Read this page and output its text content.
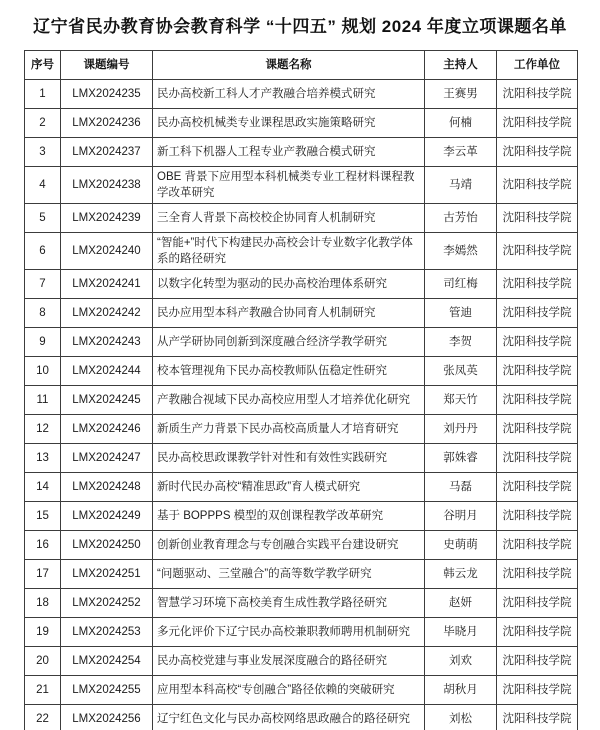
辽宁省民办教育协会教育科学 “十四五” 规划 2024 年度立项课题名单
序号	课题编号	课题名称	主持人	工作单位
1	LMX2024235	民办高校新工科人才产教融合培养模式研究	王赛男	沈阳科技学院
2	LMX2024236	民办高校机械类专业课程思政实施策略研究	何楠	沈阳科技学院
3	LMX2024237	新工科下机器人工程专业产教融合模式研究	李云革	沈阳科技学院
4	LMX2024238	OBE 背景下应用型本科机械类专业工程材料课程教学改革研究	马靖	沈阳科技学院
5	LMX2024239	三全育人背景下高校校企协同育人机制研究	古芳怡	沈阳科技学院
6	LMX2024240	“智能+”时代下构建民办高校会计专业数字化教学体系的路径研究	李嫣然	沈阳科技学院
7	LMX2024241	以数字化转型为驱动的民办高校治理体系研究	司红梅	沈阳科技学院
8	LMX2024242	民办应用型本科产教融合协同育人机制研究	管迪	沈阳科技学院
9	LMX2024243	从产学研协同创新到深度融合经济学教学研究	李贺	沈阳科技学院
10	LMX2024244	校本管理视角下民办高校教师队伍稳定性研究	张凤英	沈阳科技学院
11	LMX2024245	产教融合视域下民办高校应用型人才培养优化研究	郑天竹	沈阳科技学院
12	LMX2024246	新质生产力背景下民办高校高质量人才培育研究	刘丹丹	沈阳科技学院
13	LMX2024247	民办高校思政课教学针对性和有效性实践研究	郭姝睿	沈阳科技学院
14	LMX2024248	新时代民办高校“精准思政”育人模式研究	马磊	沈阳科技学院
15	LMX2024249	基于 BOPPPS 模型的双创课程教学改革研究	谷明月	沈阳科技学院
16	LMX2024250	创新创业教育理念与专创融合实践平台建设研究	史萌萌	沈阳科技学院
17	LMX2024251	“问题驱动、三堂融合”的高等数学教学研究	韩云龙	沈阳科技学院
18	LMX2024252	智慧学习环境下高校美育生成性教学路径研究	赵妍	沈阳科技学院
19	LMX2024253	多元化评价下辽宁民办高校兼职教师聘用机制研究	毕晓月	沈阳科技学院
20	LMX2024254	民办高校党建与事业发展深度融合的路径研究	刘欢	沈阳科技学院
21	LMX2024255	应用型本科高校“专创融合”路径依赖的突破研究	胡秋月	沈阳科技学院
22	LMX2024256	辽宁红色文化与民办高校网络思政融合的路径研究	刘松	沈阳科技学院
